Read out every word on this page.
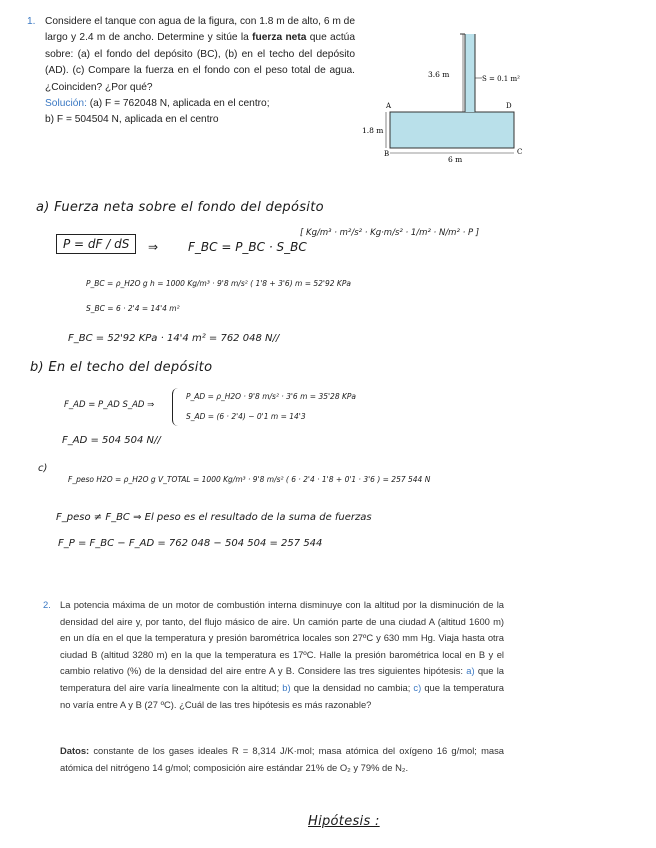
1. Considere el tanque con agua de la figura, con 1.8 m de alto, 6 m de largo y 2.4 m de ancho. Determine y sitúe la fuerza neta que actúa sobre: (a) el fondo del depósito (BC), (b) en el techo del depósito (AD). (c) Compare la fuerza en el fondo con el peso total de agua. ¿Coinciden? ¿Por qué?
Solución: (a) F = 762048 N, aplicada en el centro;
b) F = 504504 N, aplicada en el centro
3.6 m	S = 0.1 m²
1.8 m
6 m
A
B	C
D
a) Fuerza neta sobre el fondo del depósito
P = dF / dS	⇒ F_BC = P_BC · S_BC
[ Kg/m³ · m²/s² · Kg·m/s² · 1/m² · N/m² · P ]
P_BC = ρ_H2O g h = 1000 Kg/m³ · 9'8 m/s² ( 1'8 + 3'6) m = 52'92 KPa
S_BC = 6 · 2'4 = 14'4 m²
F_BC = 52'92 KPa · 14'4 m² = 762 048 N//
b) En el techo del depósito
F_AD = P_AD S_AD ⇒
P_AD = ρ_H2O · 9'8 m/s² · 3'6 m = 35'28 KPa
S_AD = (6 · 2'4) − 0'1 m = 14'3
F_AD = 504 504 N//
c)
F_peso H2O = ρ_H2O g V_TOTAL = 1000 Kg/m³ · 9'8 m/s² ( 6 · 2'4 · 1'8 + 0'1 · 3'6 ) = 257 544 N
F_peso ≠ F_BC ⇒ El peso es el resultado de la suma de fuerzas
F_P = F_BC − F_AD = 762 048 − 504 504 = 257 544
2. La potencia máxima de un motor de combustión interna disminuye con la altitud por la disminución de la densidad del aire y, por tanto, del flujo másico de aire. Un camión parte de una ciudad A (altitud 1600 m) en un día en el que la temperatura y presión barométrica locales son 27ºC y 630 mm Hg. Viaja hasta otra ciudad B (altitud 3280 m) en la que la temperatura es 17ºC. Halle la presión barométrica local en B y el cambio relativo (%) de la densidad del aire entre A y B. Considere las tres siguientes hipótesis: a) que la temperatura del aire varía linealmente con la altitud; b) que la densidad no cambia; c) que la temperatura no varía entre A y B (27 ºC). ¿Cuál de las tres hipótesis es más razonable?
Datos: constante de los gases ideales R = 8,314 J/K·mol; masa atómica del oxígeno 16 g/mol; masa atómica del nitrógeno 14 g/mol; composición aire estándar 21% de O₂ y 79% de N₂.
Hipótesis :
